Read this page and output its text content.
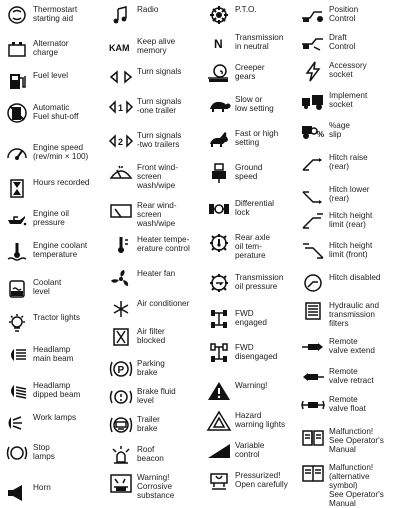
Thermostart
starting aid
Alternator
charge
Fuel level
Automatic
Fuel shut-off
Engine speed
(rev/min × 100)
Hours recorded
Engine oil
pressure
Engine coolant
temperature
Coolant
level
Tractor lights
Headlamp
main beam
Headlamp
dipped beam
Work lamps
Stop
lamps
Horn
Radio
KAM
Keep alive
memory
Turn signals
1
Turn signals
-one trailer
2
Turn signals
-two trailers
Front wind-
screen
wash/wipe
Rear wind-
screen
wash/wipe
Heater tempe-
erature control
Heater fan
Air conditioner
Air filter
blocked
P
Parking
brake
Brake fluid
level
Trailer
brake
Roof
beacon
Warning!
Corrosive
substance
P.T.O.
N Transmission
in neutral
Creeper
gears
Slow or
low setting
Fast or high
setting
Ground
speed
Differential
lock
Rear axle
oil tem-
perature
Transmission
oil pressure
FWD
engaged
FWD
disengaged
Warning!
Hazard
warning lights
Variable
control
Pressurized!
Open carefully
Position
Control
Draft
Control
Accessory
socket
Implement
socket
%
%age
slip
Hitch raise
(rear)
Hitch lower
(rear)
Hitch height
limit (rear)
Hitch height
limit (front)
Hitch disabled
Hydraulic and
transmission
filters
Remote
valve extend
Remote
valve retract
Remote
valve float
Malfunction!
See Operator's
Manual
Malfunction!
(alternative
symbol)
See Operator's
Manual
